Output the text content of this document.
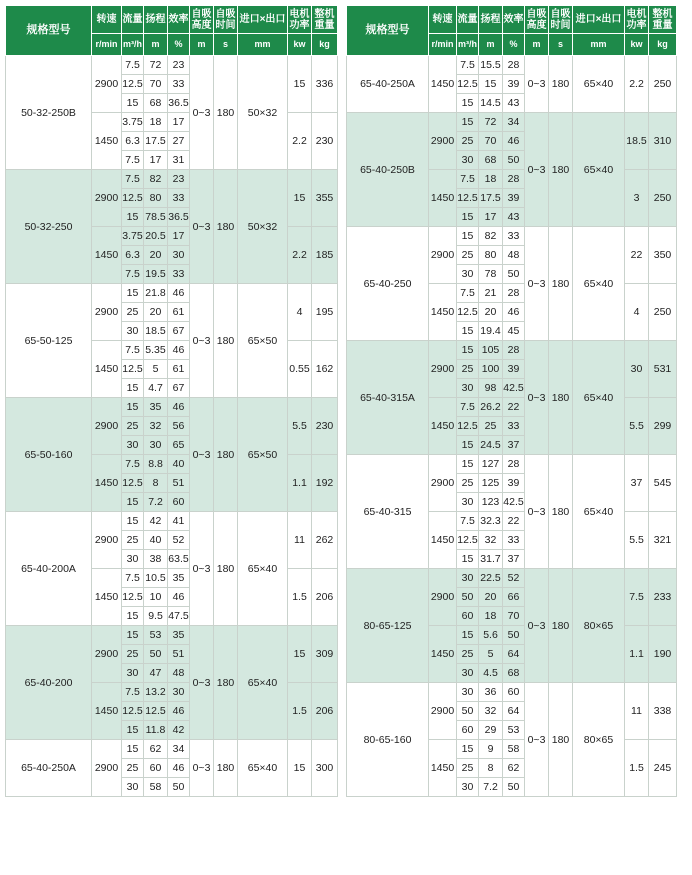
规格型号	转速	流量	扬程	效率	自吸高度	自吸时间	进口×出口	电机功率	整机重量
	r/min	m³/h	m	%	m	s	mm	kw	kg
50-32-250B	2900	7.5	72	23	0~3	180	50×32	15	336
		12.5	70	33					
		15	68	36.5					
	1450	3.75	18	17				2.2	230
		6.3	17.5	27					
		7.5	17	31					
50-32-250	2900	7.5	82	23	0~3	180	50×32	15	355
		12.5	80	33					
		15	78.5	36.5					
	1450	3.75	20.5	17				2.2	185
		6.3	20	30					
		7.5	19.5	33					
65-50-125	2900	15	21.8	46	0~3	180	65×50	4	195
		25	20	61					
		30	18.5	67					
	1450	7.5	5.35	46				0.55	162
		12.5	5	61					
		15	4.7	67					
65-50-160	2900	15	35	46	0~3	180	65×50	5.5	230
		25	32	56					
		30	30	65					
	1450	7.5	8.8	40				1.1	192
		12.5	8	51					
		15	7.2	60					
65-40-200A	2900	15	42	41	0~3	180	65×40	11	262
		25	40	52					
		30	38	63.5					
	1450	7.5	10.5	35				1.5	206
		12.5	10	46					
		15	9.5	47.5					
65-40-200	2900	15	53	35	0~3	180	65×40	15	309
		25	50	51					
		30	47	48					
	1450	7.5	13.2	30				1.5	206
		12.5	12.5	46					
		15	11.8	42					
65-40-250A	2900	15	62	34	0~3	180	65×40	15	300
		25	60	46					
		30	58	50					
规格型号	转速	流量	扬程	效率	自吸高度	自吸时间	进口×出口	电机功率	整机重量
	r/min	m³/h	m	%	m	s	mm	kw	kg
65-40-250A	1450	7.5	15.5	28	0~3	180	65×40	2.2	250
		12.5	15	39					
		15	14.5	43					
65-40-250B	2900	15	72	34	0~3	180	65×40	18.5	310
		25	70	46					
		30	68	50					
	1450	7.5	18	28				3	250
		12.5	17.5	39					
		15	17	43					
65-40-250	2900	15	82	33	0~3	180	65×40	22	350
		25	80	48					
		30	78	50					
	1450	7.5	21	28				4	250
		12.5	20	46					
		15	19.4	45					
65-40-315A	2900	15	105	28	0~3	180	65×40	30	531
		25	100	39					
		30	98	42.5					
	1450	7.5	26.2	22				5.5	299
		12.5	25	33					
		15	24.5	37					
65-40-315	2900	15	127	28	0~3	180	65×40	37	545
		25	125	39					
		30	123	42.5					
	1450	7.5	32.3	22				5.5	321
		12.5	32	33					
		15	31.7	37					
80-65-125	2900	30	22.5	52	0~3	180	80×65	7.5	233
		50	20	66					
		60	18	70					
	1450	15	5.6	50				1.1	190
		25	5	64					
		30	4.5	68					
80-65-160	2900	30	36	60	0~3	180	80×65	11	338
		50	32	64					
		60	29	53					
	1450	15	9	58				1.5	245
		25	8	62					
		30	7.2	50					
